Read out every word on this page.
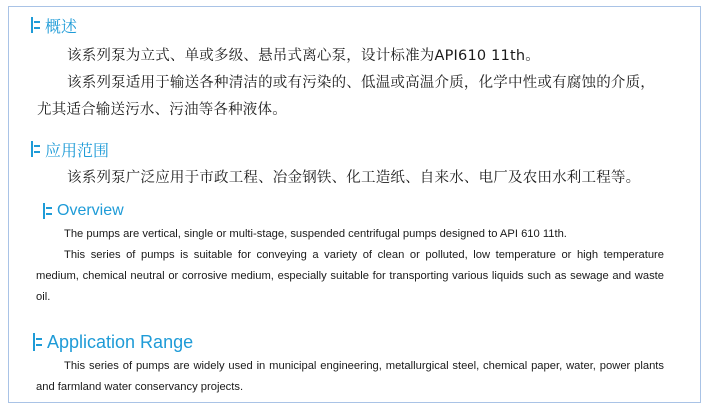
概述

该系列泵为立式、单或多级、悬吊式离心泵，设计标准为API610 11th。

该系列泵适用于输送各种清洁的或有污染的、低温或高温介质，化学中性或有腐蚀的介质，

尤其适合输送污水、污油等各种液体。

应用范围

该系列泵广泛应用于市政工程、冶金钢铁、化工造纸、自来水、电厂及农田水利工程等。

Overview

The pumps are vertical, single or multi-stage, suspended centrifugal pumps designed to API 610 11th.

This series of pumps is suitable for conveying a variety of clean or polluted, low temperature or high temperature medium, chemical neutral or corrosive medium, especially suitable for transporting various liquids such as sewage and waste oil.

Application Range

This series of pumps are widely used in municipal engineering, metallurgical steel, chemical paper, water, power plants and farmland water conservancy projects.
